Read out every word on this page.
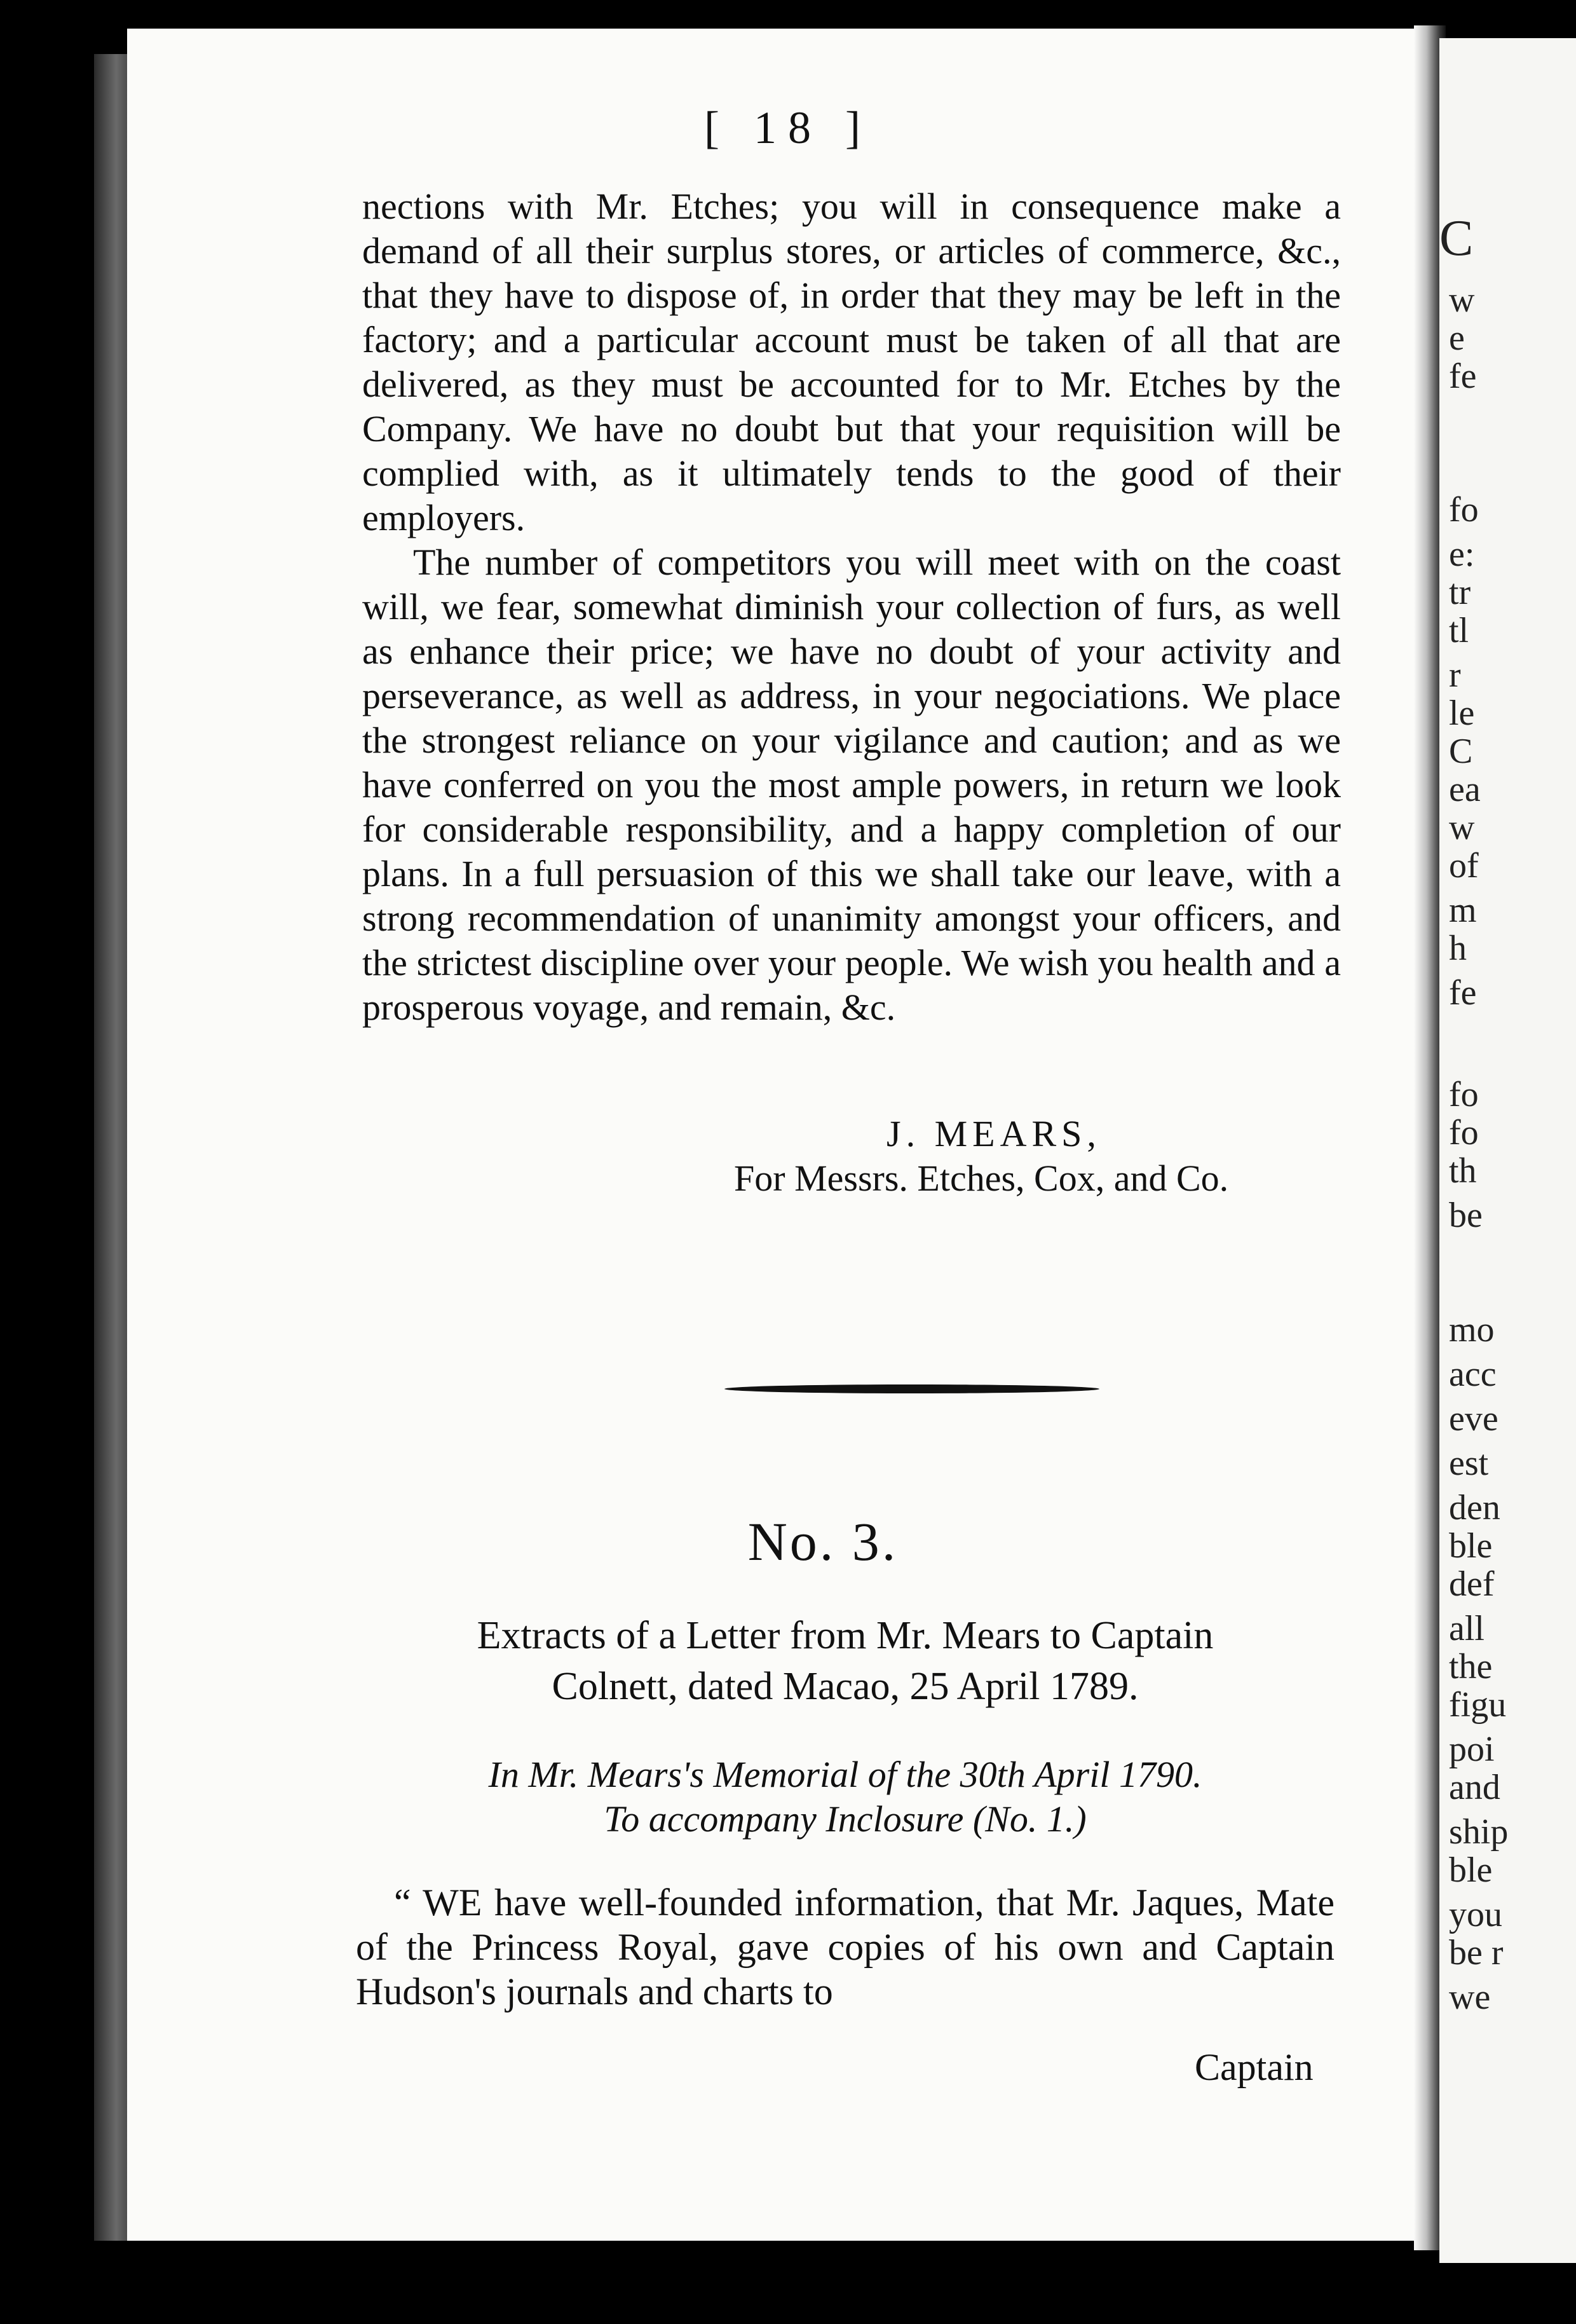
C
w
e
fe
fo
e:
tr
tl
r
le
C
ea
w
of
m
h
fe
fo
fo
th
be
mo
acc
eve
est
den
ble
def
all
the
figu
poi
and
ship
ble
you
be r
we
[ 18 ]

nections with Mr. Etches; you will in consequence make a demand of all their surplus stores, or articles of commerce, &c., that they have to dispose of, in order that they may be left in the factory; and a particular account must be taken of all that are delivered, as they must be accounted for to Mr. Etches by the Company. We have no doubt but that your requisition will be complied with, as it ultimately tends to the good of their employers.

The number of competitors you will meet with on the coast will, we fear, somewhat diminish your collection of furs, as well as enhance their price; we have no doubt of your activity and perseverance, as well as address, in your negociations. We place the strongest reliance on your vigilance and caution; and as we have conferred on you the most ample powers, in return we look for considerable responsibility, and a happy completion of our plans. In a full persuasion of this we shall take our leave, with a strong recommendation of unanimity amongst your officers, and the strictest discipline over your people. We wish you health and a prosperous voyage, and remain, &c.

J. MEARS,
For Messrs. Etches, Cox, and Co.
No. 3.
Extracts of a Letter from Mr. Mears to Captain
Colnett, dated Macao, 25 April 1789.
In Mr. Mears's Memorial of the 30th April 1790.
To accompany Inclosure (No. 1.)

“ WE have well-founded information, that Mr. Jaques, Mate of the Princess Royal, gave copies of his own and Captain Hudson's journals and charts to

Captain
